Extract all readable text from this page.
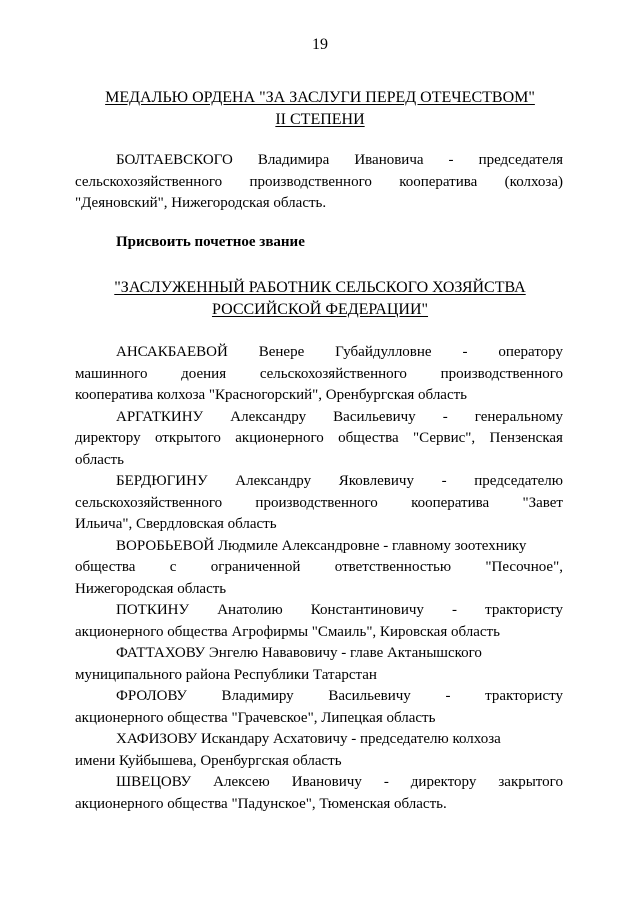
19
МЕДАЛЬЮ ОРДЕНА "ЗА ЗАСЛУГИ ПЕРЕД ОТЕЧЕСТВОМ"
II СТЕПЕНИ
БОЛТАЕВСКОГО Владимира Ивановича - председателя
сельскохозяйственного производственного кооператива (колхоза)
"Деяновский", Нижегородская область.
Присвоить почетное звание
"ЗАСЛУЖЕННЫЙ РАБОТНИК СЕЛЬСКОГО ХОЗЯЙСТВА
РОССИЙСКОЙ ФЕДЕРАЦИИ"
АНСАКБАЕВОЙ Венере Губайдулловне - оператору
машинного доения сельскохозяйственного производственного
кооператива колхоза "Красногорский", Оренбургская область
АРГАТКИНУ Александру Васильевичу - генеральному
директору открытого акционерного общества "Сервис", Пензенская
область
БЕРДЮГИНУ Александру Яковлевичу - председателю
сельскохозяйственного производственного кооператива "Завет
Ильича", Свердловская область
ВОРОБЬЕВОЙ Людмиле Александровне - главному зоотехнику
общества с ограниченной ответственностью "Песочное",
Нижегородская область
ПОТКИНУ Анатолию Константиновичу - трактористу
акционерного общества Агрофирмы "Смаиль", Кировская область
ФАТТАХОВУ Энгелю Нававовичу - главе Актанышского
муниципального района Республики Татарстан
ФРОЛОВУ Владимиру Васильевичу - трактористу
акционерного общества "Грачевское", Липецкая область
ХАФИЗОВУ Искандару Асхатовичу - председателю колхоза
имени Куйбышева, Оренбургская область
ШВЕЦОВУ Алексею Ивановичу - директору закрытого
акционерного общества "Падунское", Тюменская область.
